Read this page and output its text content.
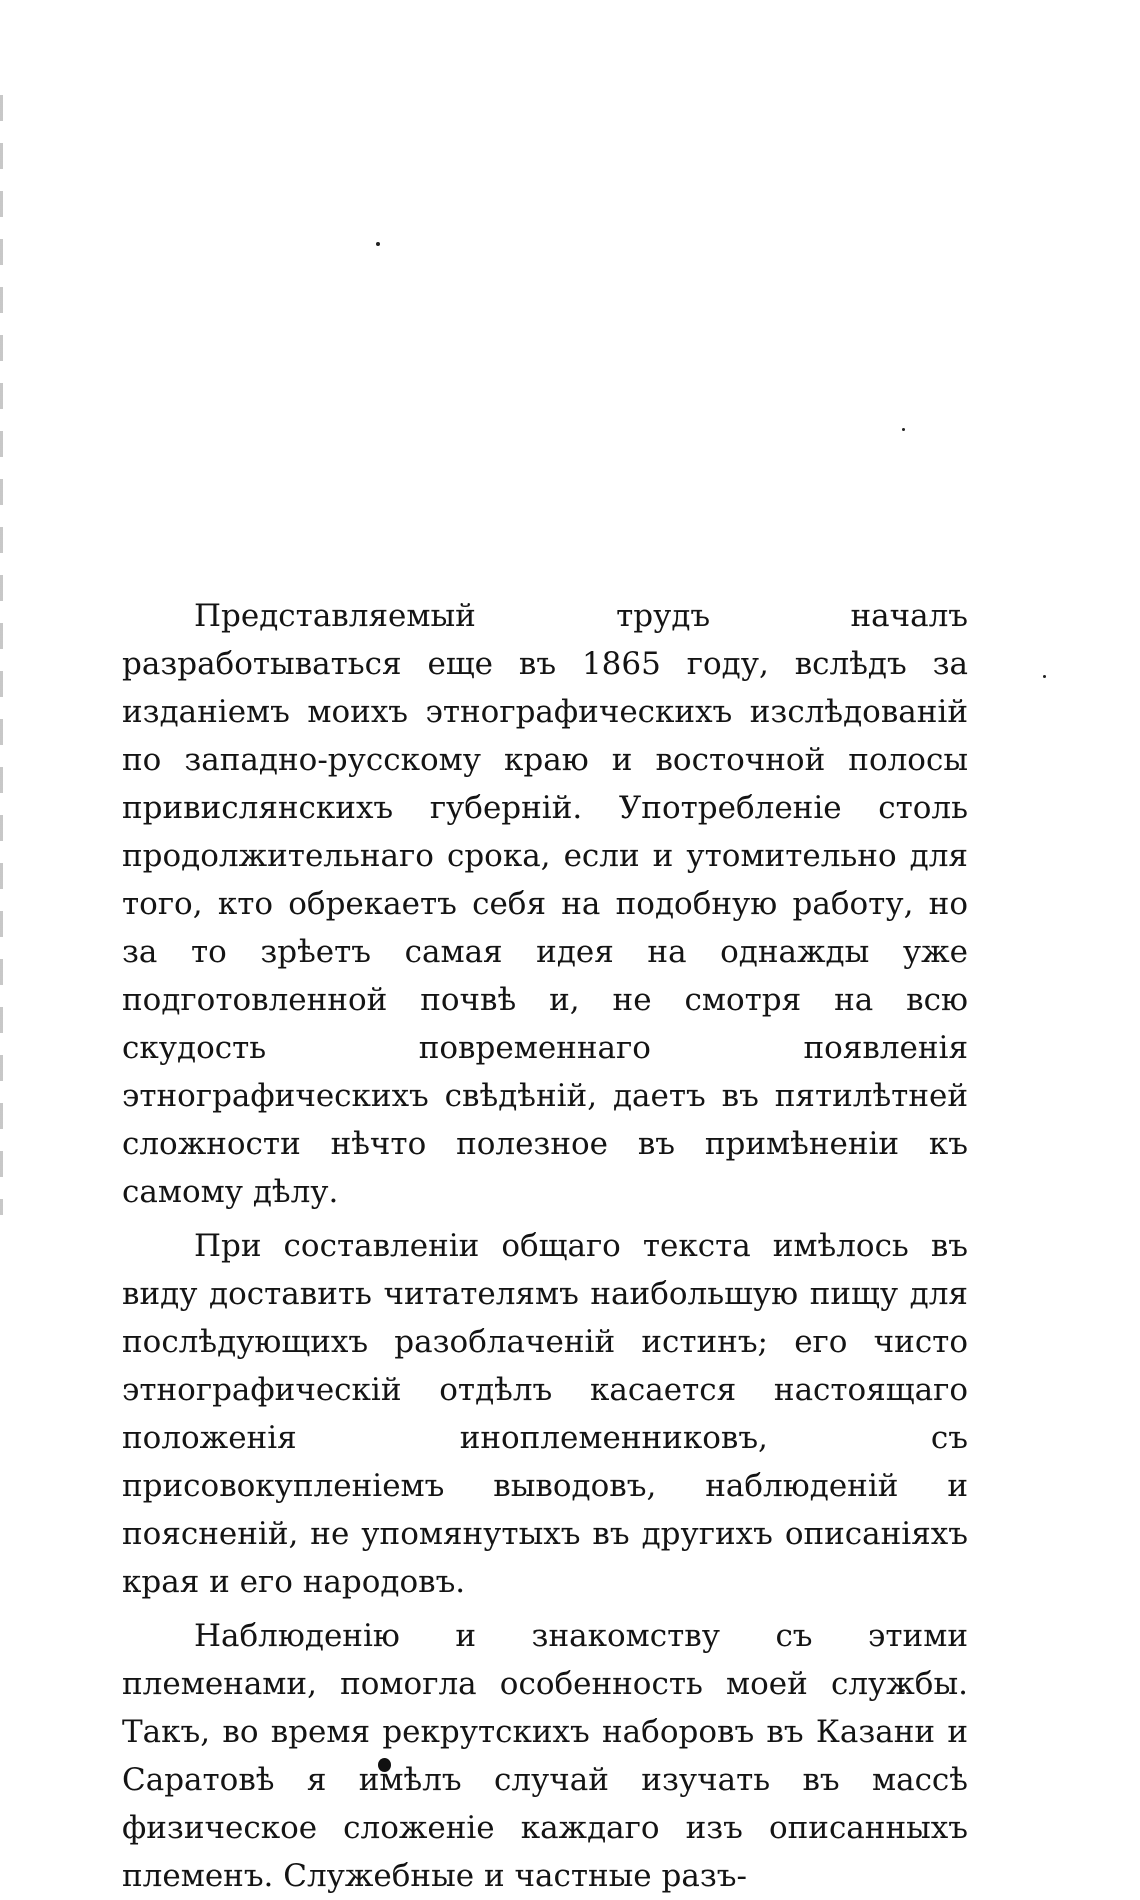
Представляемый трудъ началъ разработываться еще въ 1865 году, вслѣдъ за изданіемъ моихъ этнографическихъ изслѣдованій по западно-русскому краю и восточной полосы привислянскихъ губерній. Употребленіе столь продолжительнаго срока, если и утомительно для того, кто обрекаетъ себя на подобную работу, но за то зрѣетъ самая идея на однажды уже подготовленной почвѣ и, не смотря на всю скудость повременнаго появленія этнографическихъ свѣдѣній, даетъ въ пятилѣтней сложности нѣчто полезное въ примѣненіи къ самому дѣлу.

При составленіи общаго текста имѣлось въ виду доставить читателямъ наибольшую пищу для послѣдующихъ разоблаченій истинъ; его чисто этнографическій отдѣлъ касается настоящаго положенія иноплеменниковъ, съ присовокупленіемъ выводовъ, наблюденій и поясненій, не упомянутыхъ въ другихъ описаніяхъ края и его народовъ.

Наблюденію и знакомству съ этими племенами, помогла особенность моей службы. Такъ, во время рекрутскихъ наборовъ въ Казани и Саратовѣ я имѣлъ случай изучать въ массѣ физическое сложеніе каждаго изъ описанныхъ племенъ. Служебные и частные разъ-
